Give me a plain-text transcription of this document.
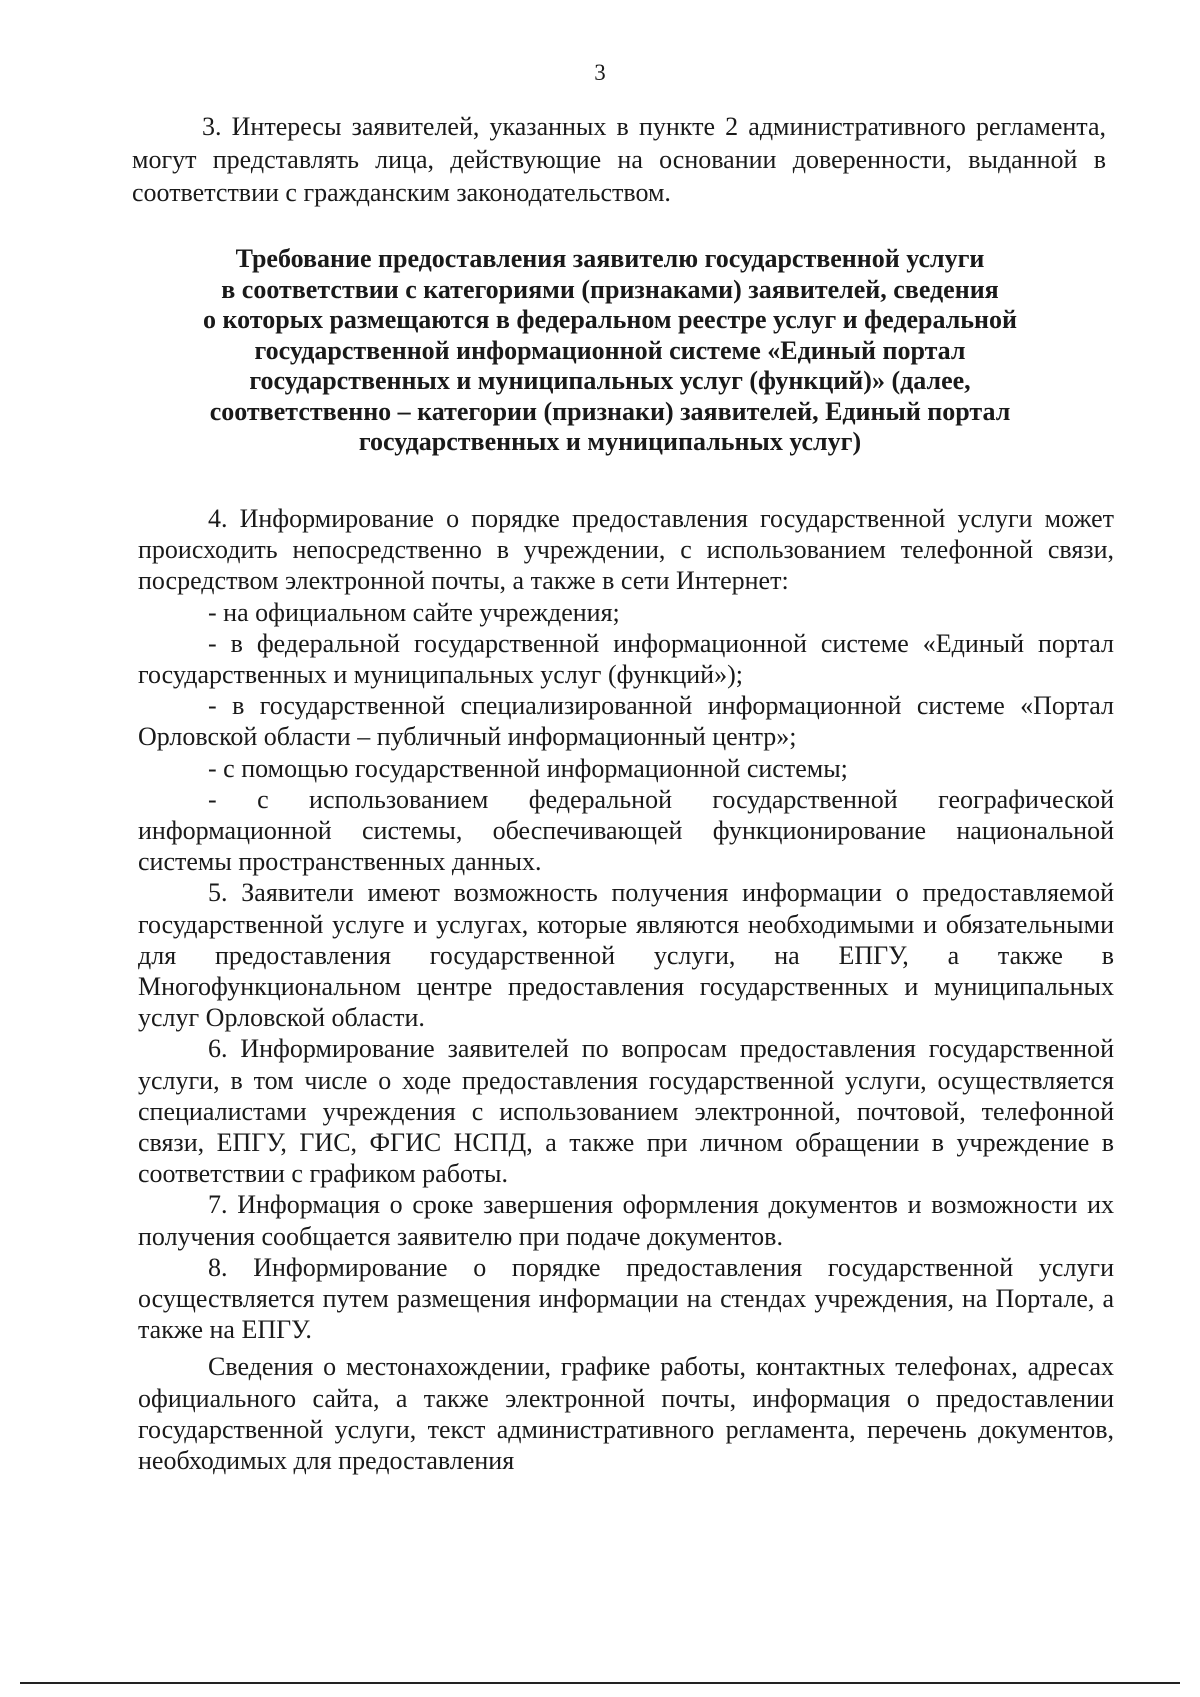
3

3. Интересы заявителей, указанных в пункте 2 административного регламента, могут представлять лица, действующие на основании доверенности, выданной в соответствии с гражданским законодательством.

Требование предоставления заявителю государственной услуги
в соответствии с категориями (признаками) заявителей, сведения
о которых размещаются в федеральном реестре услуг и федеральной
государственной информационной системе «Единый портал
государственных и муниципальных услуг (функций)» (далее,
соответственно – категории (признаки) заявителей, Единый портал
государственных и муниципальных услуг)

4. Информирование о порядке предоставления государственной услуги может происходить непосредственно в учреждении, с использованием телефонной связи, посредством электронной почты, а также в сети Интернет:

- на официальном сайте учреждения;

- в федеральной государственной информационной системе «Единый портал государственных и муниципальных услуг (функций»);

- в государственной специализированной информационной системе «Портал Орловской области – публичный информационный центр»;

- с помощью государственной информационной системы;

- с использованием федеральной государственной географической информационной системы, обеспечивающей функционирование национальной системы пространственных данных.

5. Заявители имеют возможность получения информации о предоставляемой государственной услуге и услугах, которые являются необходимыми и обязательными для предоставления государственной услуги, на ЕПГУ, а также в Многофункциональном центре предоставления государственных и муниципальных услуг Орловской области.

6. Информирование заявителей по вопросам предоставления государственной услуги, в том числе о ходе предоставления государственной услуги, осуществляется специалистами учреждения с использованием электронной, почтовой, телефонной связи, ЕПГУ, ГИС, ФГИС НСПД, а также при личном обращении в учреждение в соответствии с графиком работы.

7. Информация о сроке завершения оформления документов и возможности их получения сообщается заявителю при подаче документов.

8. Информирование о порядке предоставления государственной услуги осуществляется путем размещения информации на стендах учреждения, на Портале, а также на ЕПГУ.

Сведения о местонахождении, графике работы, контактных телефонах, адресах официального сайта, а также электронной почты, информация о предоставлении государственной услуги, текст административного регламента, перечень документов, необходимых для предоставления
